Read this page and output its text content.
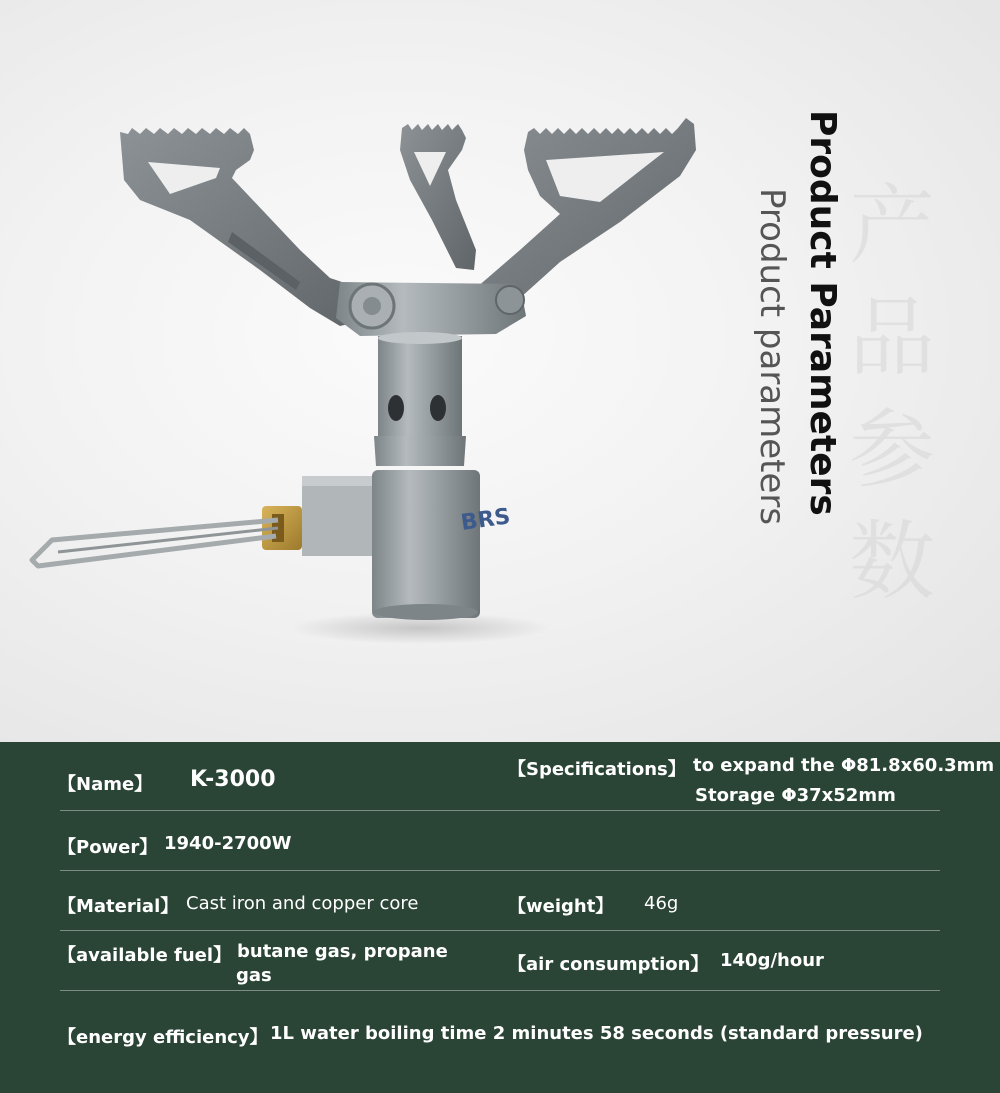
BRS
产
品
参
数
Product Parameters
Product parameters
【Name】 K-3000	【Specifications】 to expand the Φ81.8x60.3mm
Storage Φ37x52mm
【Power】 1940-2700W
【Material】 Cast iron and copper core	【weight】 46g
【available fuel】 butane gas, propane
gas
【air consumption】 140g/hour
【energy efficiency】 1L water boiling time 2 minutes 58 seconds (standard pressure)
